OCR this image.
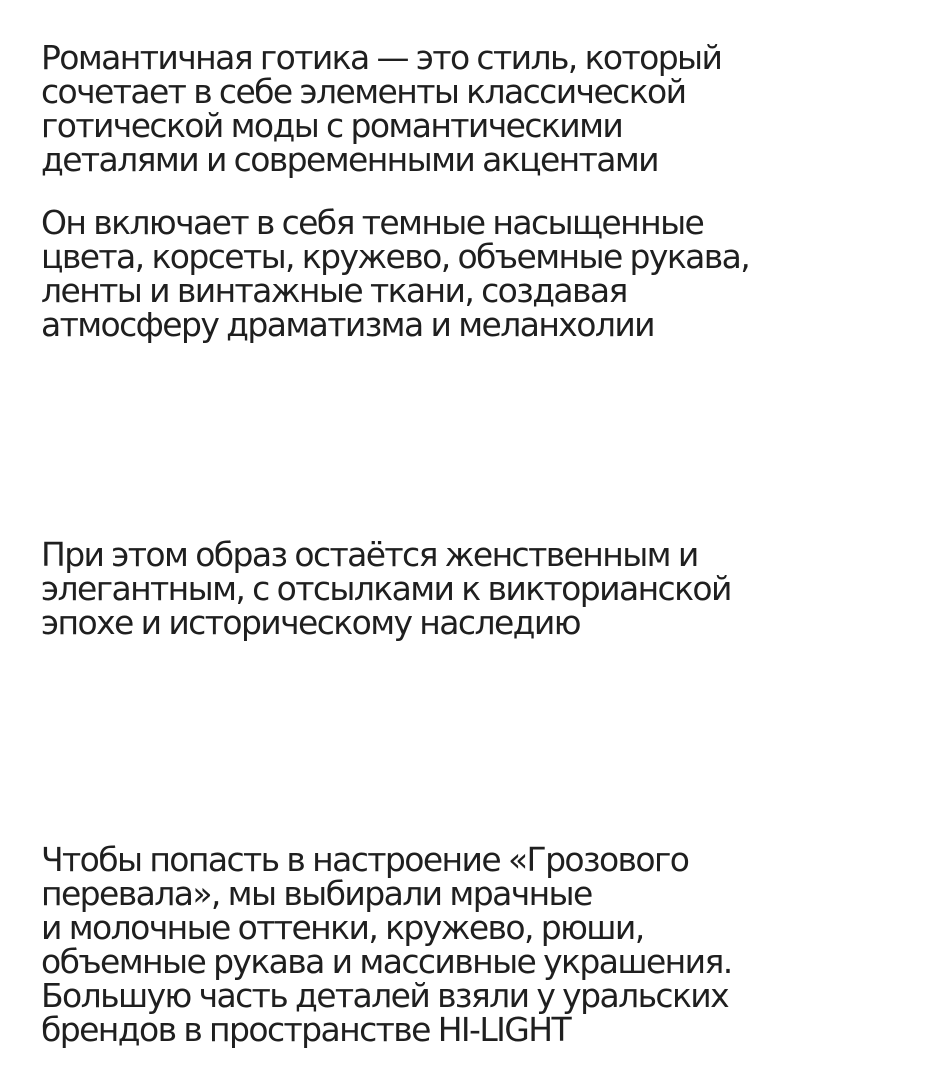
Романтичная готика — это стиль, который
сочетает в себе элементы классической
готической моды с романтическими
деталями и современными акцентами

Он включает в себя темные насыщенные
цвета, корсеты, кружево, объемные рукава,
ленты и винтажные ткани, создавая
атмосферу драматизма и меланхолии

При этом образ остаётся женственным и
элегантным, с отсылками к викторианской
эпохе и историческому наследию

Чтобы попасть в настроение «Грозового
перевала», мы выбирали мрачные
и молочные оттенки, кружево, рюши,
объемные рукава и массивные украшения.
Большую часть деталей взяли у уральских
брендов в пространстве HI-LIGHT
